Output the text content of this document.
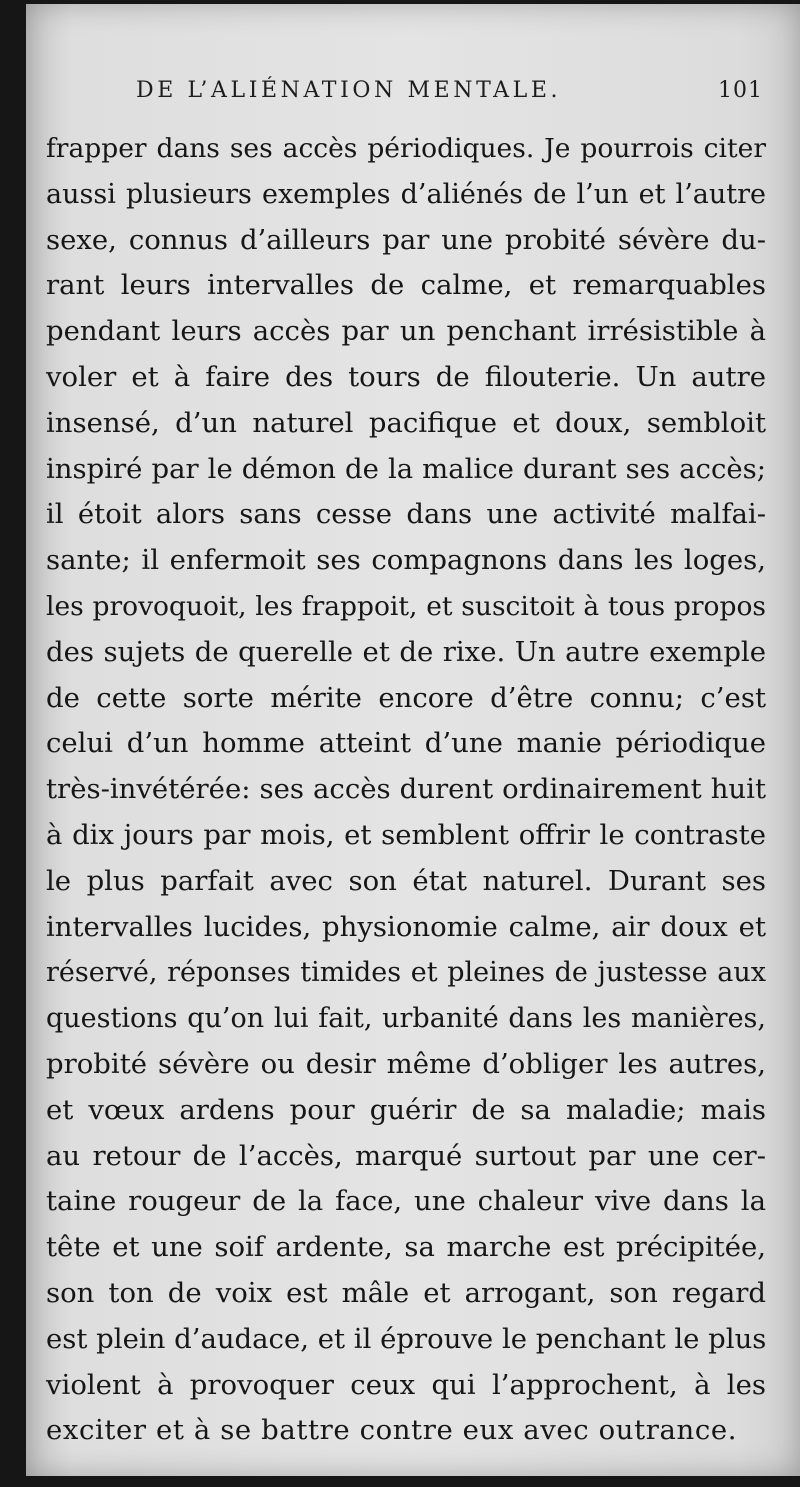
DE L’ALIÉNATION MENTALE.	101
frapper dans ses accès périodiques. Je pourrois citer
aussi plusieurs exemples d’aliénés de l’un et l’autre
sexe, connus d’ailleurs par une probité sévère du-
rant leurs intervalles de calme, et remarquables
pendant leurs accès par un penchant irrésistible à
voler et à faire des tours de filouterie. Un autre
insensé, d’un naturel pacifique et doux, sembloit
inspiré par le démon de la malice durant ses accès;
il étoit alors sans cesse dans une activité malfai-
sante; il enfermoit ses compagnons dans les loges,
les provoquoit, les frappoit, et suscitoit à tous propos
des sujets de querelle et de rixe. Un autre exemple
de cette sorte mérite encore d’être connu; c’est
celui d’un homme atteint d’une manie périodique
très-invétérée: ses accès durent ordinairement huit
à dix jours par mois, et semblent offrir le contraste
le plus parfait avec son état naturel. Durant ses
intervalles lucides, physionomie calme, air doux et
réservé, réponses timides et pleines de justesse aux
questions qu’on lui fait, urbanité dans les manières,
probité sévère ou desir même d’obliger les autres,
et vœux ardens pour guérir de sa maladie; mais
au retour de l’accès, marqué surtout par une cer-
taine rougeur de la face, une chaleur vive dans la
tête et une soif ardente, sa marche est précipitée,
son ton de voix est mâle et arrogant, son regard
est plein d’audace, et il éprouve le penchant le plus
violent à provoquer ceux qui l’approchent, à les
exciter et à se battre contre eux avec outrance.
